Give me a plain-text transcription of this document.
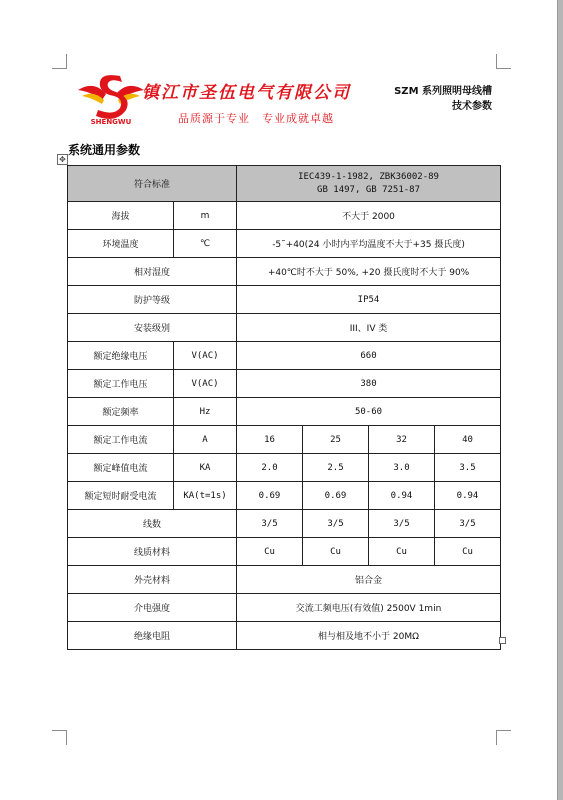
SHENGWU
镇江市圣伍电气有限公司
品质源于专业　专业成就卓越
SZM 系列照明母线槽
技术参数
系统通用参数
✥
符合标准		IEC439-1-1982, ZBK36002-89
GB 1497, GB 7251-87			

海拔	m	不大于 2000			
环境温度	℃	-5˜+40(24 小时内平均温度不大于+35 摄氏度)			
相对湿度		+40℃时不大于 50%, +20 摄氏度时不大于 90%			
防护等级		IP54			
安装级别		III、IV 类			
额定绝缘电压	V(AC)	660			
额定工作电压	V(AC)	380			
额定频率	Hz	50-60			
额定工作电流	A	16	25	32	40
额定峰值电流	KA	2.0	2.5	3.0	3.5
额定短时耐受电流	KA(t=1s)	0.69	0.69	0.94	0.94
线数		3/5	3/5	3/5	3/5
线质材料		Cu	Cu	Cu	Cu
外壳材料		铝合金			
介电强度		交流工频电压(有效值) 2500V 1min			
绝缘电阻		相与相及地不小于 20MΩ			
